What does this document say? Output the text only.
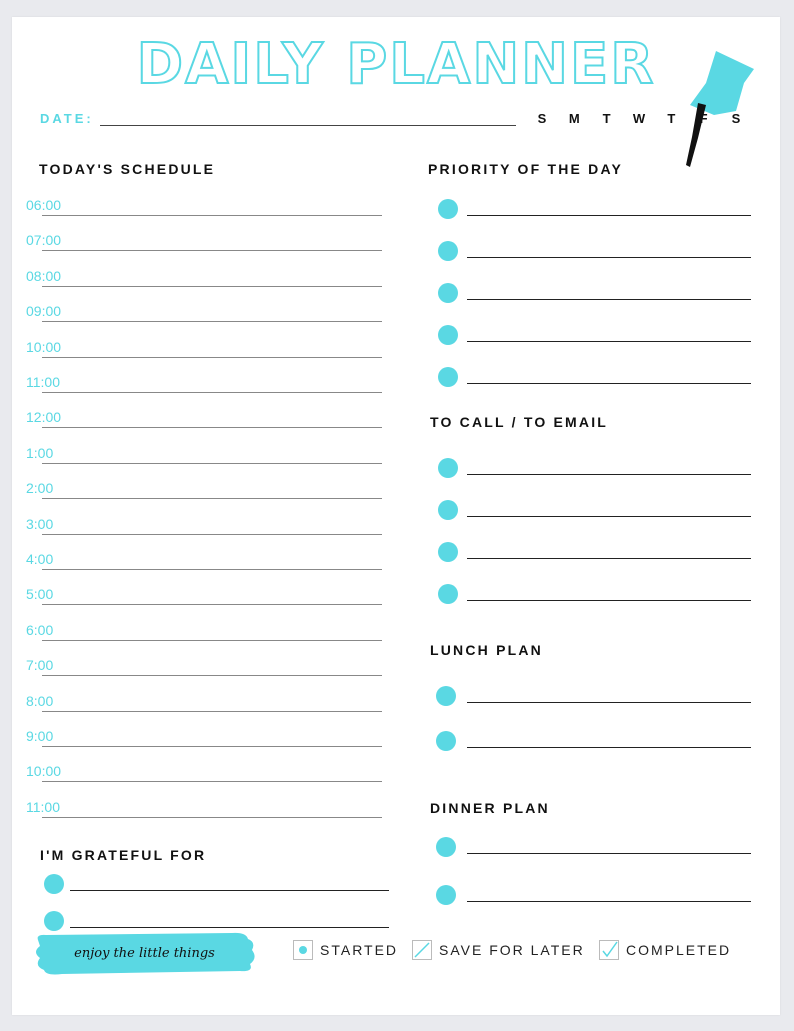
DAILY PLANNER
DATE:	S M	T	W	T	F	S
TODAY'S SCHEDULE
06:00
07:00
08:00
09:00
10:00
11:00
12:00
1:00
2:00
3:00
4:00
5:00
6:00
7:00
8:00
9:00
10:00
11:00
PRIORITY OF THE DAY
TO CALL / TO EMAIL
LUNCH PLAN
DINNER PLAN
I'M GRATEFUL FOR
enjoy the little things	STARTED	SAVE FOR LATER	COMPLETED
